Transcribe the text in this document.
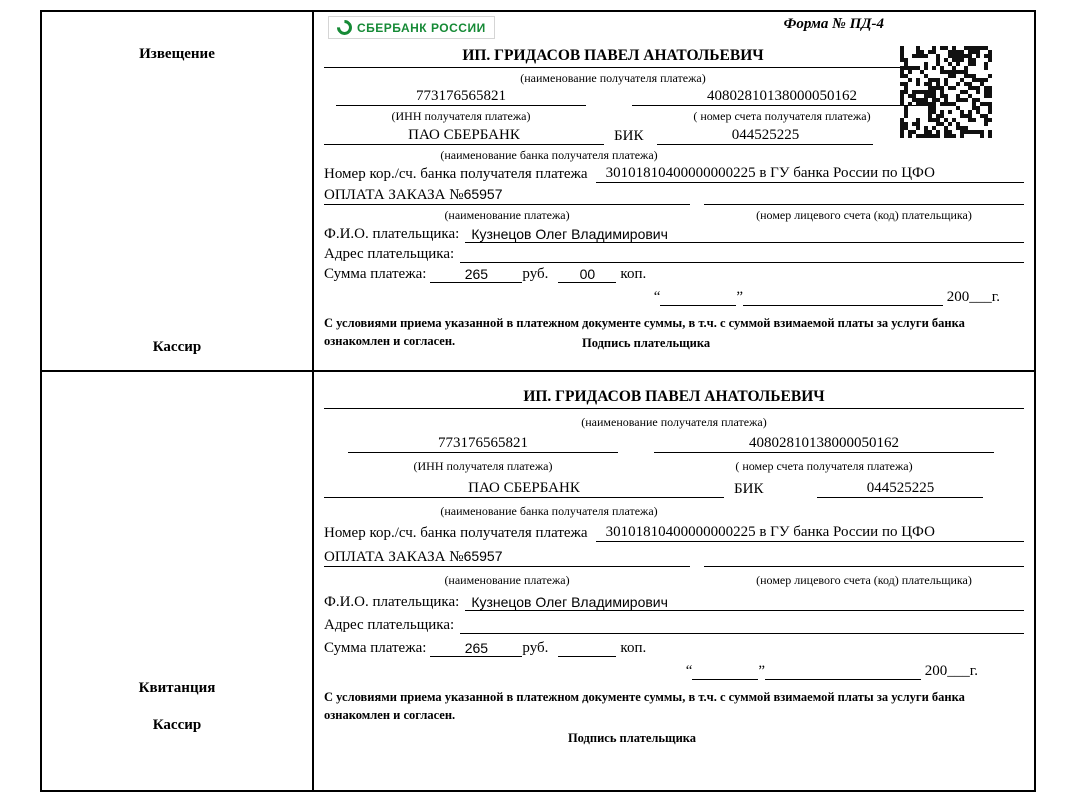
Извещение
Кассир
СБЕРБАНК РОССИИ	Форма № ПД-4
ИП. ГРИДАСОВ ПАВЕЛ АНАТОЛЬЕВИЧ
(наименование получателя платежа)
773176565821	40802810138000050162
(ИНН получателя платежа)	( номер счета получателя платежа)
ПАО СБЕРБАНК	БИК	044525225
(наименование банка получателя платежа)
Номер кор./сч. банка получателя платежа	30101810400000000225 в ГУ банка России по ЦФО
ОПЛАТА ЗАКАЗА №65957
(наименование платежа)	(номер лицевого счета (код) плательщика)
Ф.И.О. плательщика: Кузнецов Олег Владимирович
Адрес плательщика:
Сумма платежа:	265	руб.	00	коп.
“	”	200___г.
С условиями приема указанной в платежном документе суммы, в т.ч. с суммой взимаемой платы за услуги банка ознакомлен и согласен.	Подпись плательщика
Квитанция
Кассир
ИП. ГРИДАСОВ ПАВЕЛ АНАТОЛЬЕВИЧ
(наименование получателя платежа)
773176565821	40802810138000050162
(ИНН получателя платежа)	( номер счета получателя платежа)
ПАО СБЕРБАНК	БИК	044525225
(наименование банка получателя платежа)
Номер кор./сч. банка получателя платежа	30101810400000000225 в ГУ банка России по ЦФО
ОПЛАТА ЗАКАЗА №65957
(наименование платежа)	(номер лицевого счета (код) плательщика)
Ф.И.О. плательщика: Кузнецов Олег Владимирович
Адрес плательщика:
Сумма платежа:	265	руб.	коп.
“	”	200___г.
С условиями приема указанной в платежном документе суммы, в т.ч. с суммой взимаемой платы за услуги банка ознакомлен и согласен.
Подпись плательщика
